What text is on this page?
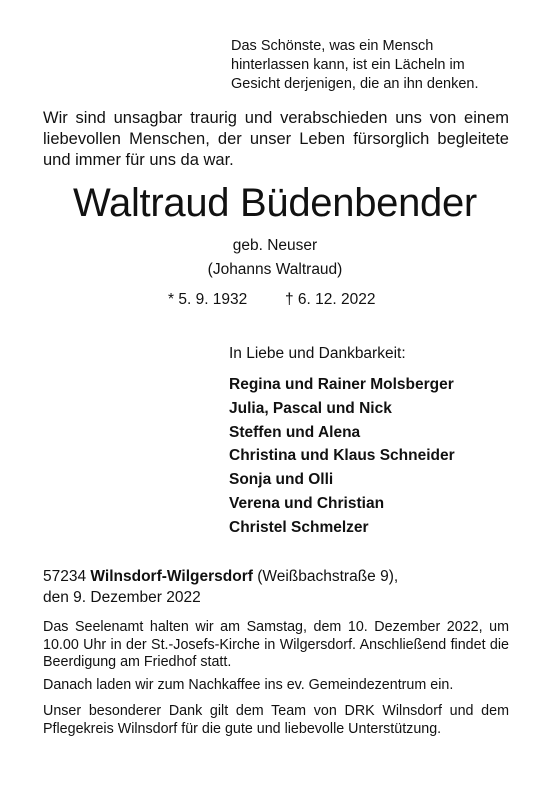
Das Schönste, was ein Mensch
hinterlassen kann, ist ein Lächeln im
Gesicht derjenigen, die an ihn denken.

Wir sind unsagbar traurig und verabschieden uns von einem liebevollen Menschen, der unser Leben fürsorglich begleitete und immer für uns da war.

Waltraud Büdenbender
geb. Neuser
(Johanns Waltraud)
* 5. 9. 1932 † 6. 12. 2022
In Liebe und Dankbarkeit:
Regina und Rainer Molsberger
Julia, Pascal und Nick
Steffen und Alena
Christina und Klaus Schneider
Sonja und Olli
Verena und Christian
Christel Schmelzer
57234 Wilnsdorf-Wilgersdorf (Weißbachstraße 9),
den 9. Dezember 2022

Das Seelenamt halten wir am Samstag, dem 10. Dezember 2022, um 10.00 Uhr in der St.-Josefs-Kirche in Wilgersdorf. Anschließend findet die Beerdigung am Friedhof statt.

Danach laden wir zum Nachkaffee ins ev. Gemeindezentrum ein.

Unser besonderer Dank gilt dem Team von DRK Wilnsdorf und dem Pflegekreis Wilnsdorf für die gute und liebevolle Unterstützung.
